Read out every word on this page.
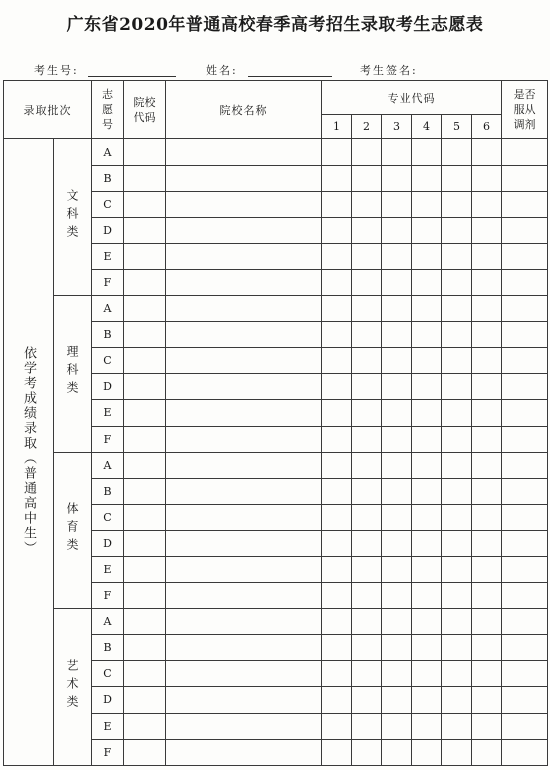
广东省2020年普通高校春季高考招生录取考生志愿表
考生号:	姓名:	考生签名:
录取批次		志愿号	院校代码	院校名称	专业代码						是否服从调剂
					1	2	3	4	5	6	
依学考成绩录取（普通高中生）	文科类	A									
		B									
		C									
		D									
		E									
		F									
	理科类	A									
		B									
		C									
		D									
		E									
		F									
	体育类	A									
		B									
		C									
		D									
		E									
		F									
	艺术类	A									
		B									
		C									
		D									
		E									
		F									
